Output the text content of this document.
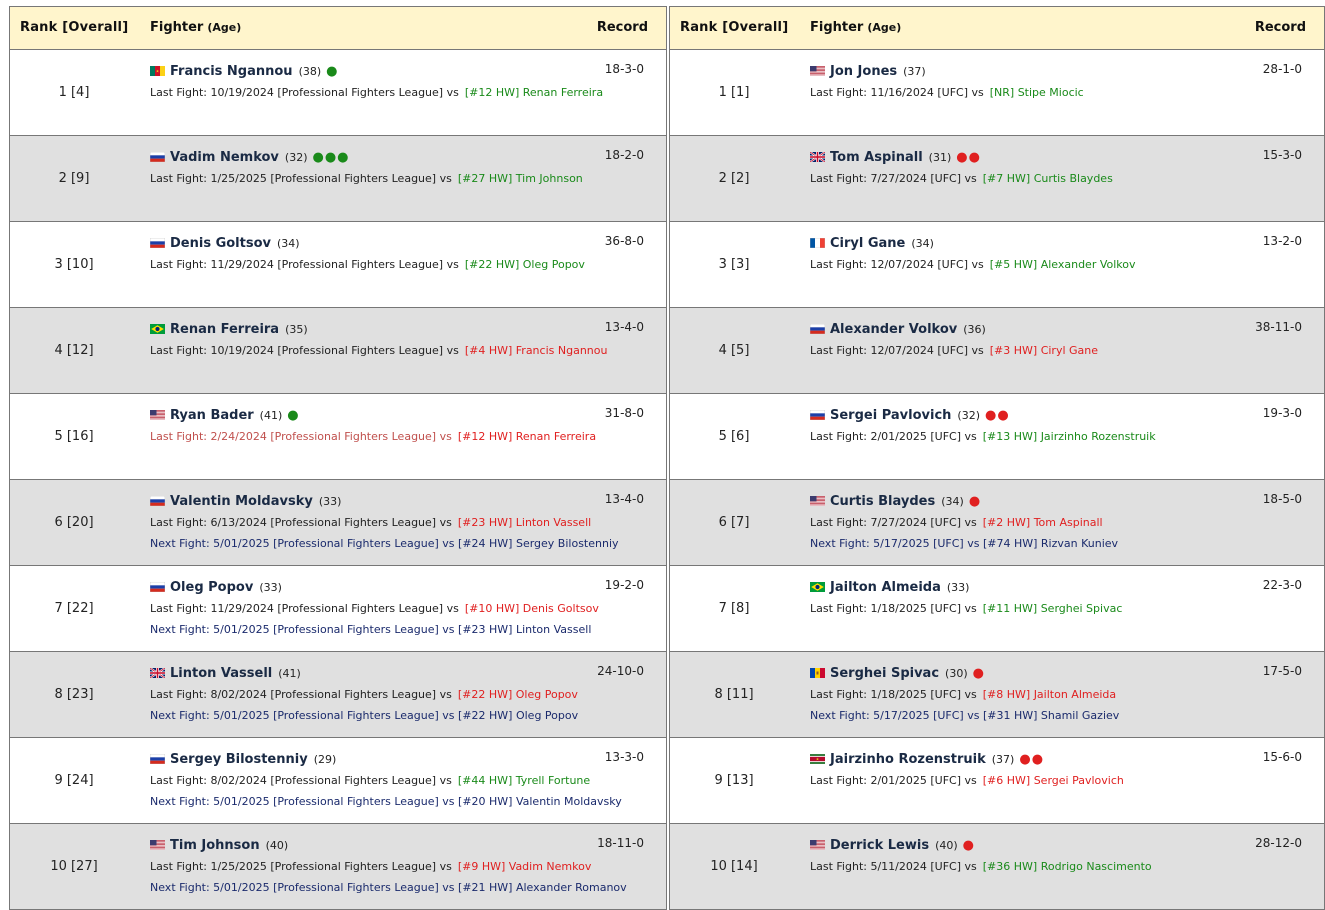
Rank [Overall] Fighter (Age)	Record
1 [4]
Francis Ngannou (38) ●	18-3-0
Last Fight: 10/19/2024 [Professional Fighters League] vs [#12 HW] Renan Ferreira
2 [9]
Vadim Nemkov (32) ●●●	18-2-0
Last Fight: 1/25/2025 [Professional Fighters League] vs [#27 HW] Tim Johnson
3 [10]
Denis Goltsov (34)	36-8-0
Last Fight: 11/29/2024 [Professional Fighters League] vs [#22 HW] Oleg Popov
4 [12]
Renan Ferreira (35)	13-4-0
Last Fight: 10/19/2024 [Professional Fighters League] vs [#4 HW] Francis Ngannou
5 [16]
Ryan Bader (41) ●	31-8-0
Last Fight: 2/24/2024 [Professional Fighters League] vs [#12 HW] Renan Ferreira
6 [20]
Valentin Moldavsky (33)	13-4-0
Last Fight: 6/13/2024 [Professional Fighters League] vs [#23 HW] Linton Vassell
Next Fight: 5/01/2025 [Professional Fighters League] vs [#24 HW] Sergey Bilostenniy
7 [22]
Oleg Popov (33)	19-2-0
Last Fight: 11/29/2024 [Professional Fighters League] vs [#10 HW] Denis Goltsov
Next Fight: 5/01/2025 [Professional Fighters League] vs [#23 HW] Linton Vassell
8 [23]
Linton Vassell (41)	24-10-0
Last Fight: 8/02/2024 [Professional Fighters League] vs [#22 HW] Oleg Popov
Next Fight: 5/01/2025 [Professional Fighters League] vs [#22 HW] Oleg Popov
9 [24]
Sergey Bilostenniy (29)	13-3-0
Last Fight: 8/02/2024 [Professional Fighters League] vs [#44 HW] Tyrell Fortune
Next Fight: 5/01/2025 [Professional Fighters League] vs [#20 HW] Valentin Moldavsky
10 [27]
Tim Johnson (40)	18-11-0
Last Fight: 1/25/2025 [Professional Fighters League] vs [#9 HW] Vadim Nemkov
Next Fight: 5/01/2025 [Professional Fighters League] vs [#21 HW] Alexander Romanov
Rank [Overall] Fighter (Age)	Record
1 [1]
Jon Jones (37)	28-1-0
Last Fight: 11/16/2024 [UFC] vs [NR] Stipe Miocic
2 [2]
Tom Aspinall (31) ●●	15-3-0
Last Fight: 7/27/2024 [UFC] vs [#7 HW] Curtis Blaydes
3 [3]
Ciryl Gane (34)	13-2-0
Last Fight: 12/07/2024 [UFC] vs [#5 HW] Alexander Volkov
4 [5]
Alexander Volkov (36)	38-11-0
Last Fight: 12/07/2024 [UFC] vs [#3 HW] Ciryl Gane
5 [6]
Sergei Pavlovich (32) ●●	19-3-0
Last Fight: 2/01/2025 [UFC] vs [#13 HW] Jairzinho Rozenstruik
6 [7]
Curtis Blaydes (34) ●	18-5-0
Last Fight: 7/27/2024 [UFC] vs [#2 HW] Tom Aspinall
Next Fight: 5/17/2025 [UFC] vs [#74 HW] Rizvan Kuniev
7 [8]
Jailton Almeida (33)	22-3-0
Last Fight: 1/18/2025 [UFC] vs [#11 HW] Serghei Spivac
8 [11]
Serghei Spivac (30) ●	17-5-0
Last Fight: 1/18/2025 [UFC] vs [#8 HW] Jailton Almeida
Next Fight: 5/17/2025 [UFC] vs [#31 HW] Shamil Gaziev
9 [13]
Jairzinho Rozenstruik (37) ●●	15-6-0
Last Fight: 2/01/2025 [UFC] vs [#6 HW] Sergei Pavlovich
10 [14]
Derrick Lewis (40) ●	28-12-0
Last Fight: 5/11/2024 [UFC] vs [#36 HW] Rodrigo Nascimento
